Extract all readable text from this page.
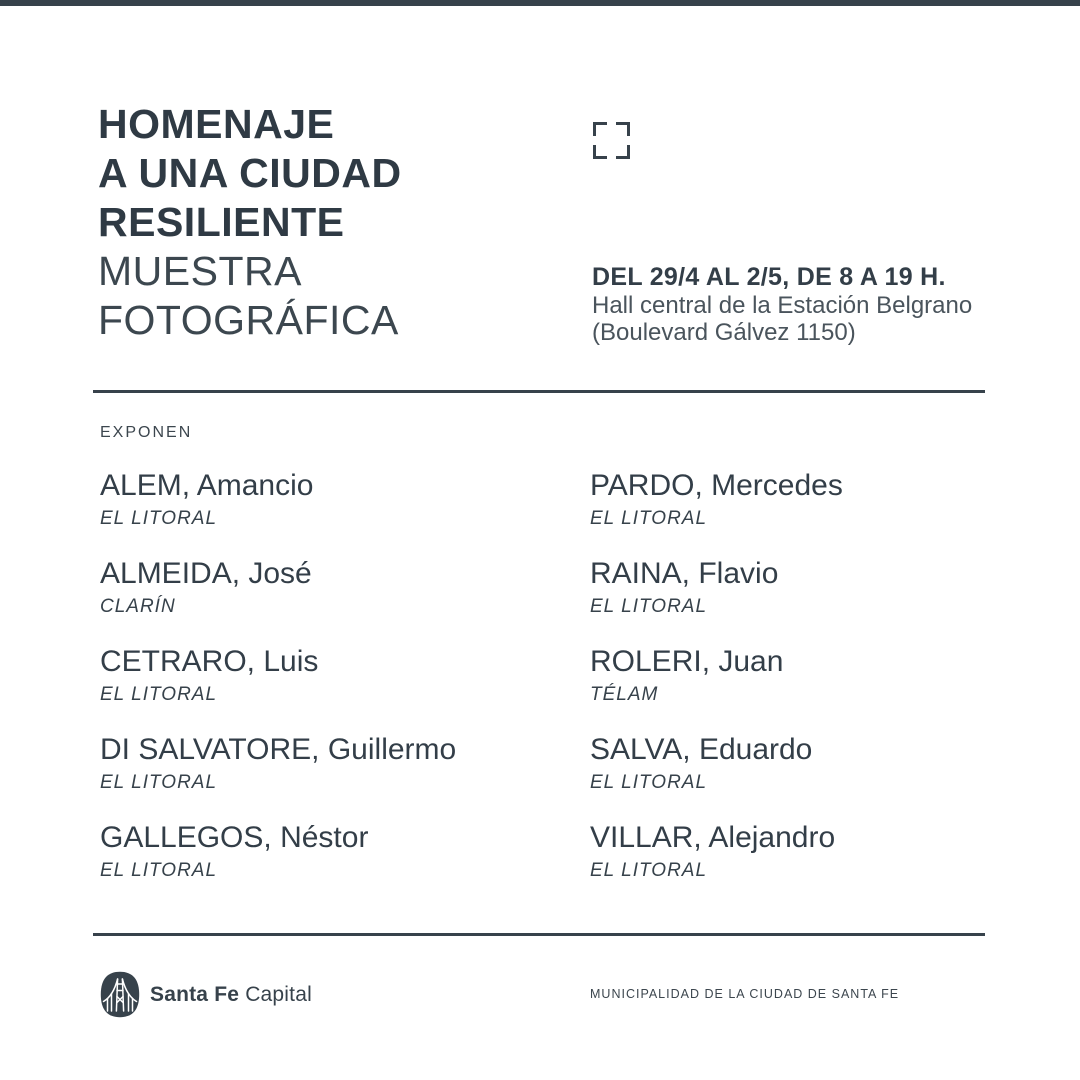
HOMENAJE
A UNA CIUDAD
RESILIENTE
MUESTRA
FOTOGRÁFICA
DEL 29/4 AL 2/5, DE 8 A 19 H.
Hall central de la Estación Belgrano
(Boulevard Gálvez 1150)
EXPONEN
ALEM, Amancio
EL LITORAL
ALMEIDA, José
CLARÍN
CETRARO, Luis
EL LITORAL
DI SALVATORE, Guillermo
EL LITORAL
GALLEGOS, Néstor
EL LITORAL
PARDO, Mercedes
EL LITORAL
RAINA, Flavio
EL LITORAL
ROLERI, Juan
TÉLAM
SALVA, Eduardo
EL LITORAL
VILLAR, Alejandro
EL LITORAL
Santa Fe Capital	MUNICIPALIDAD DE LA CIUDAD DE SANTA FE
